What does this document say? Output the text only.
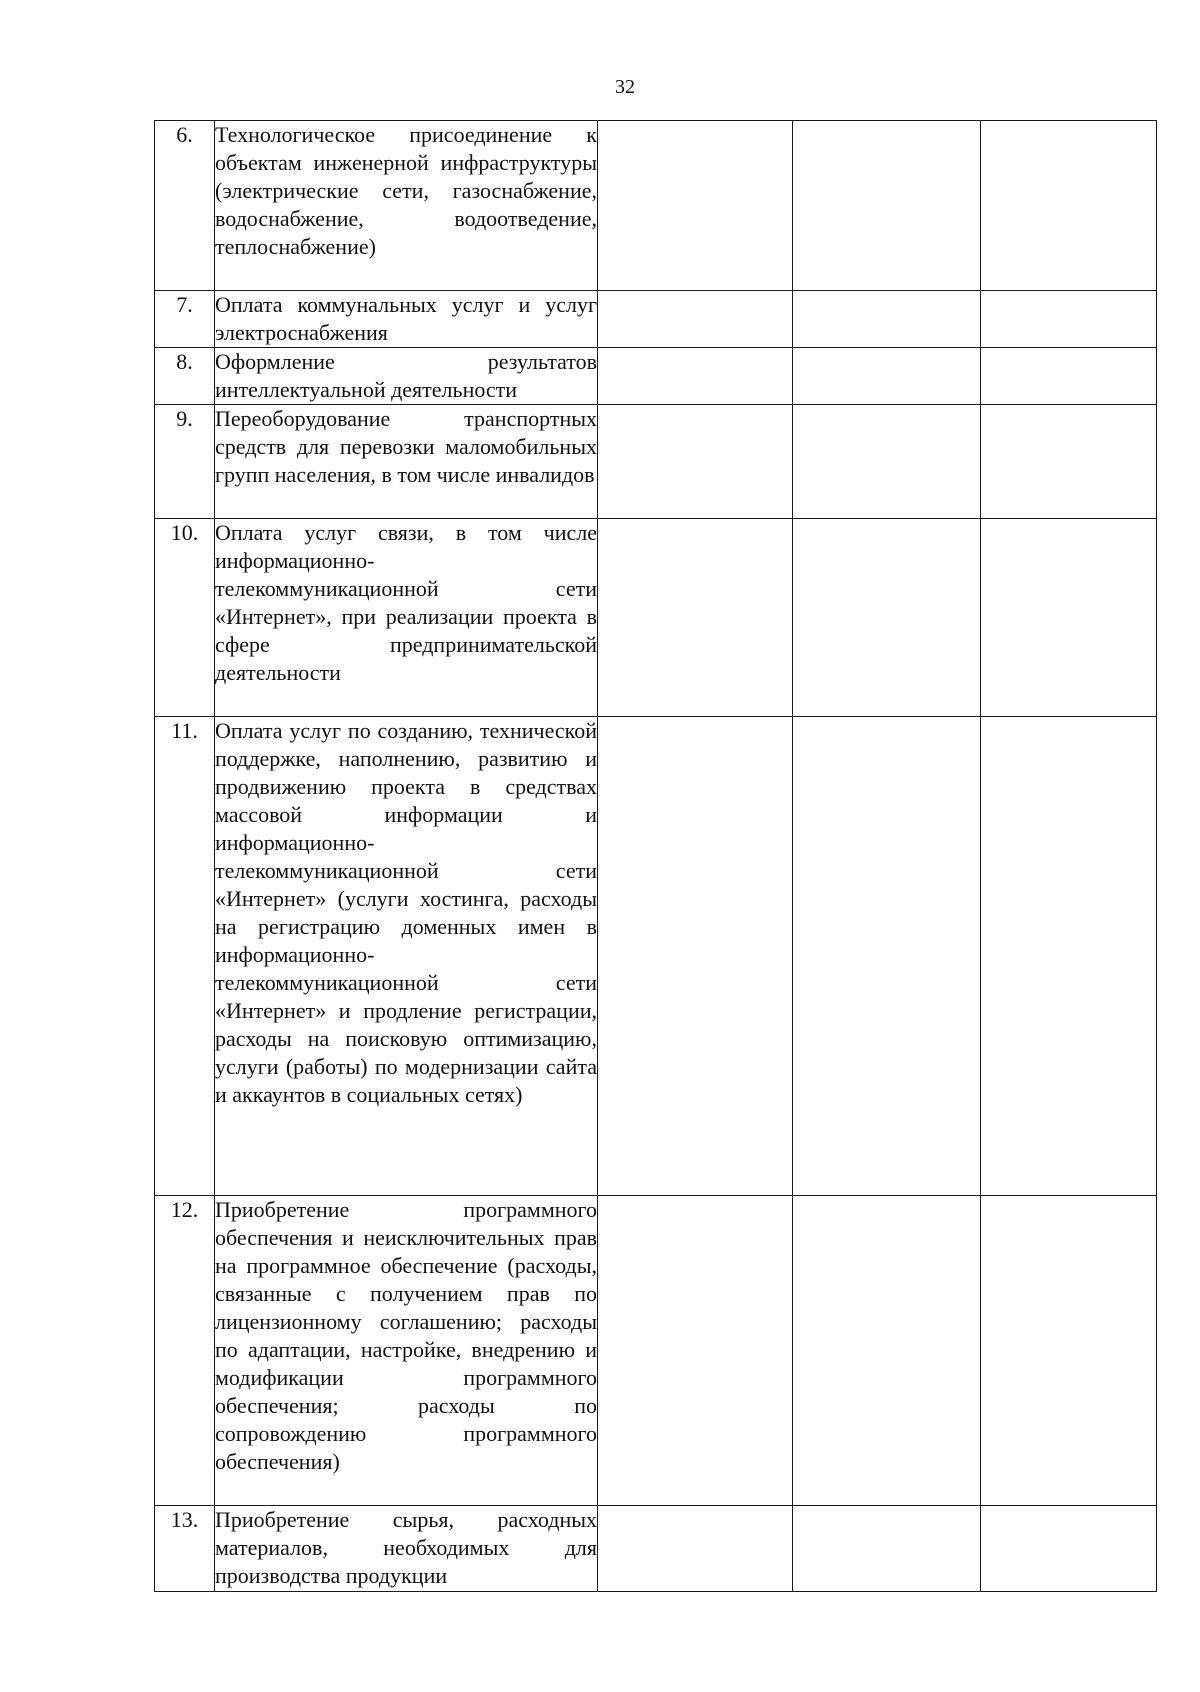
32
6.	Технологическое присоединение к объектам инженерной инфраструктуры (электрические сети, газоснабжение, водоснабжение, водоотведение, теплоснабжение)			

7.	Оплата коммунальных услуг и услуг электроснабжения			

8.	Оформление результатов интеллектуальной деятельности			

9.	Переоборудование транспортных средств для перевозки маломобильных групп населения, в том числе инвалидов			

10.	Оплата услуг связи, в том числе информационно-телекоммуникационной сети «Интернет», при реализации проекта в сфере предпринимательской деятельности			

11.	Оплата услуг по созданию, технической поддержке, наполнению, развитию и продвижению проекта в средствах массовой информации и информационно-телекоммуникационной сети «Интернет» (услуги хостинга, расходы на регистрацию доменных имен в информационно-телекоммуникационной сети «Интернет» и продление регистрации, расходы на поисковую оптимизацию, услуги (работы) по модернизации сайта и аккаунтов в социальных сетях)			

12.	Приобретение программного обеспечения и неисключительных прав на программное обеспечение (расходы, связанные с получением прав по лицензионному соглашению; расходы по адаптации, настройке, внедрению и модификации программного обеспечения; расходы по сопровождению программного обеспечения)			

13.	Приобретение сырья, расходных материалов, необходимых для производства продукции			
